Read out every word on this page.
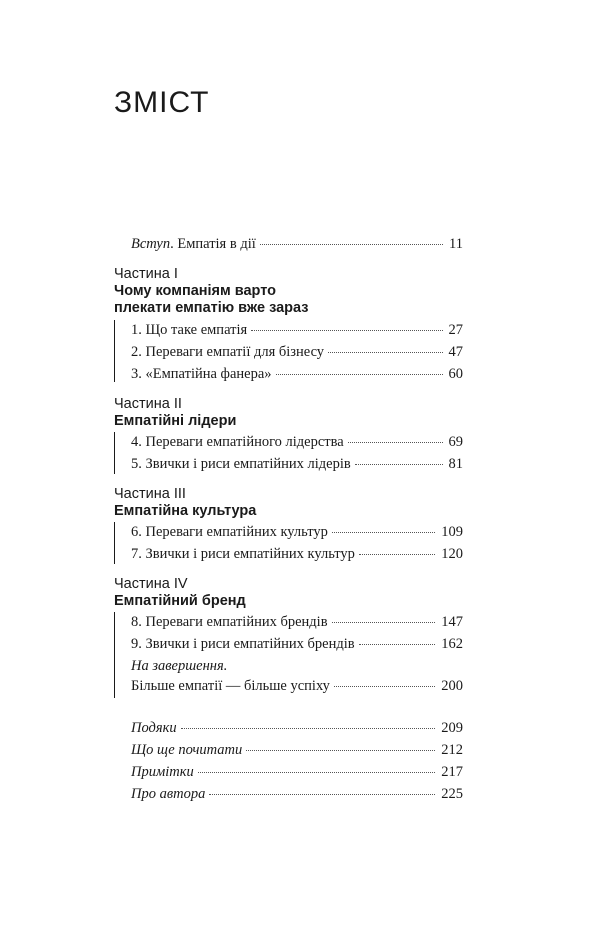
ЗМІСТ
Вступ. Емпатія в дії	11
Частина I
Чому компаніям варто
плекати емпатію вже зараз
1. Що таке емпатія	27
2. Переваги емпатії для бізнесу	47
3. «Емпатійна фанера»	60
Частина II
Емпатійні лідери
4. Переваги емпатійного лідерства	69
5. Звички і риси емпатійних лідерів	81
Частина III
Емпатійна культура
6. Переваги емпатійних культур	109
7. Звички і риси емпатійних культур	120
Частина IV
Емпатійний бренд
8. Переваги емпатійних брендів	147
9. Звички і риси емпатійних брендів	162
На завершення.
Більше емпатії — більше успіху	200
Подяки	209
Що ще почитати	212
Примітки	217
Про автора	225
